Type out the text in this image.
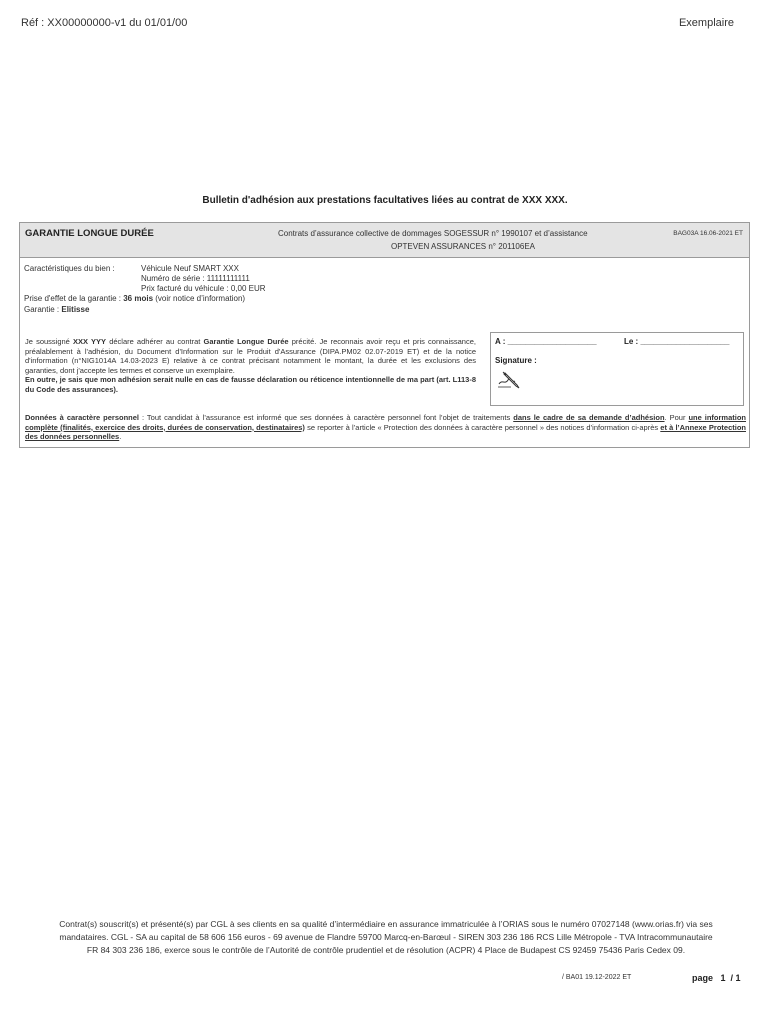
Réf : XX00000000-v1 du 01/01/00	Exemplaire
Bulletin d'adhésion aux prestations facultatives liées au contrat de XXX XXX.
GARANTIE LONGUE DURÉE	Contrats d’assurance collective de dommages SOGESSUR n° 1990107 et d’assistance
OPTEVEN ASSURANCES n° 201106EA
BAG03A 16.06-2021 ET
Caractéristiques du bien :	Véhicule Neuf SMART XXX
Numéro de série : 11111111111
Prix facturé du véhicule : 0,00 EUR
Prise d'effet de la garantie : 36 mois (voir notice d’information)
Garantie : Elitisse
Je soussigné XXX YYY déclare adhérer au contrat Garantie Longue Durée précité. Je reconnais avoir reçu et pris connaissance, préalablement à l'adhésion, du Document d'Information sur le Produit d'Assurance (DIPA.PM02 02.07-2019 ET) et de la notice d'information (n°NIG1014A 14.03-2023 E) relative à ce contrat précisant notamment le montant, la durée et les exclusions des garanties, dont j'accepte les termes et conserve un exemplaire.
En outre, je sais que mon adhésion serait nulle en cas de fausse déclaration ou réticence intentionnelle de ma part (art. L113-8 du Code des assurances).
A : ____________________	Le : ____________________
Signature :
Données à caractère personnel : Tout candidat à l’assurance est informé que ses données à caractère personnel font l’objet de traitements dans le cadre de sa demande d’adhésion. Pour une information complète (finalités, exercice des droits, durées de conservation, destinataires) se reporter à l’article « Protection des données à caractère personnel » des notices d’information ci-après et à l’Annexe Protection des données personnelles.
Contrat(s) souscrit(s) et présenté(s) par CGL à ses clients en sa qualité d’intermédiaire en assurance immatriculée à l’ORIAS sous le numéro 07027148 (www.orias.fr) via ses
mandataires. CGL - SA au capital de 58 606 156 euros - 69 avenue de Flandre 59700 Marcq-en-Barœul - SIREN 303 236 186 RCS Lille Métropole - TVA Intracommunautaire
FR 84 303 236 186, exerce sous le contrôle de l’Autorité de contrôle prudentiel et de résolution (ACPR) 4 Place de Budapest CS 92459 75436 Paris Cedex 09.
/ BA01 19.12-2022 ET	page   1  / 1
